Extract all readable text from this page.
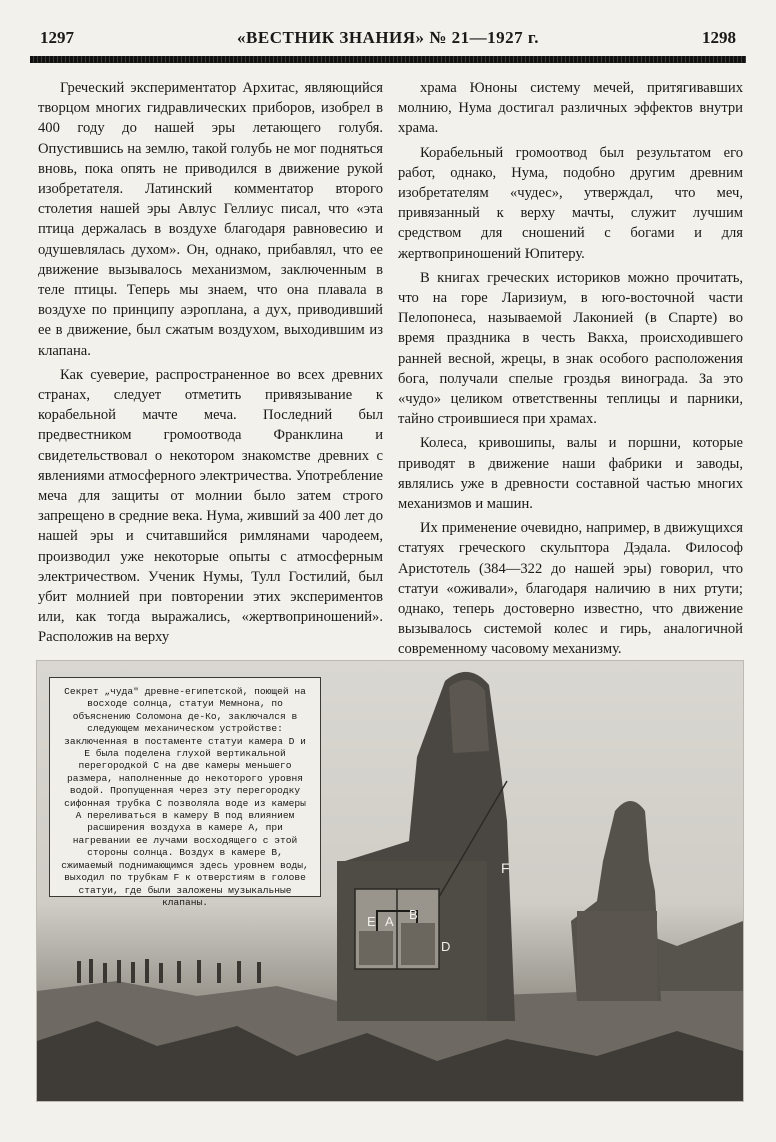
1297	«ВЕСТНИК ЗНАНИЯ» № 21—1927 г.	1298

Греческий экспериментатор Архитас, являющийся творцом многих гидравлических приборов, изобрел в 400 году до нашей эры летающего голубя. Опустившись на землю, такой голубь не мог подняться вновь, пока опять не приводился в движение рукой изобретателя. Латинский комментатор второго столетия нашей эры Авлус Геллиус писал, что «эта птица держалась в воздухе благодаря равновесию и одушевлялась духом». Он, однако, прибавлял, что ее движение вызывалось механизмом, заключенным в теле птицы. Теперь мы знаем, что она плавала в воздухе по принципу аэроплана, а дух, приводивший ее в движение, был сжатым воздухом, выходившим из клапана.

Как суеверие, распространенное во всех древних странах, следует отметить привязывание к корабельной мачте меча. Последний был предвестником громоотвода Франклина и свидетельствовал о некотором знакомстве древних с явлениями атмосферного электричества. Употребление меча для защиты от молнии было затем строго запрещено в средние века. Нума, живший за 400 лет до нашей эры и считавшийся римлянами чародеем, производил уже некоторые опыты с атмосферным электричеством. Ученик Нумы, Тулл Гостилий, был убит молнией при повторении этих экспериментов или, как тогда выражались, «жертвоприношений». Расположив на верху

храма Юноны систему мечей, притягивавших молнию, Нума достигал различных эффектов внутри храма.

Корабельный громоотвод был результатом его работ, однако, Нума, подобно другим древним изобретателям «чудес», утверждал, что меч, привязанный к верху мачты, служит лучшим средством для сношений с богами и для жертвоприношений Юпитеру.

В книгах греческих историков можно прочитать, что на горе Ларизиум, в юго-восточной части Пелопонеса, называемой Лаконией (в Спарте) во время праздника в честь Вакха, происходившего ранней весной, жрецы, в знак особого расположения бога, получали спелые гроздья винограда. За это «чудо» целиком ответственны теплицы и парники, тайно строившиеся при храмах.

Колеса, кривошипы, валы и поршни, которые приводят в движение наши фабрики и заводы, являлись уже в древности составной частью многих механизмов и машин.

Их применение очевидно, например, в движущихся статуях греческого скульптора Дэдала. Философ Аристотель (384—322 до нашей эры) говорил, что статуи «оживали», благодаря наличию в них ртути; однако, теперь достоверно известно, что движение вызывалось системой колес и гирь, аналогичной современному часовому механизму.

F
E A B
D
Секрет „чуда" древне-египетской, поющей на восходе солнца, статуи Мемнона, по объяснению Соломона де-Ко, заключался в следующем механическом устройстве: заключенная в постаменте статуи камера D и E была поделена глухой вертикальной перегородкой С на две камеры меньшего размера, наполненные до некоторого уровня водой. Пропущенная через эту перегородку сифонная трубка С позволяла воде из камеры A переливаться в камеру B под влиянием расширения воздуха в камере A, при нагревании ее лучами восходящего с этой стороны солнца. Воздух в камере B, сжимаемый поднимающимся здесь уровнем воды, выходил по трубкам F к отверстиям в голове статуи, где были заложены музыкальные клапаны.
